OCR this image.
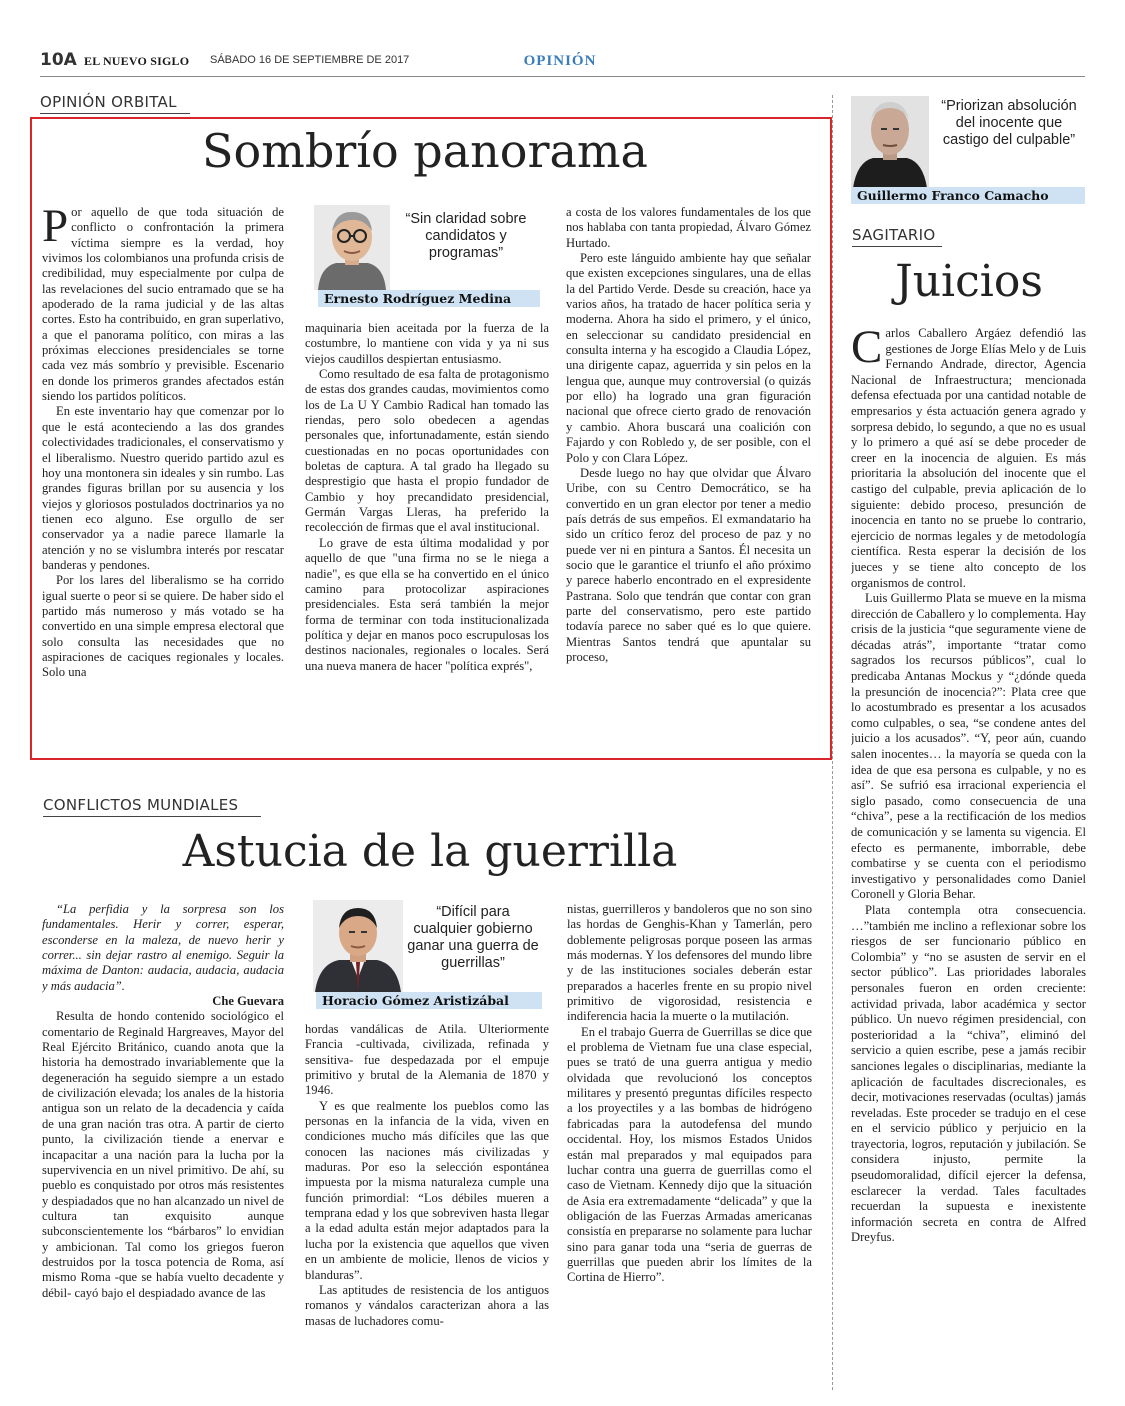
10A EL NUEVO SIGLO SÁBADO 16 DE SEPTIEMBRE DE 2017	OPINIÓN
OPINIÓN ORBITAL
Sombrío panorama

Por aquello de que toda situación de conflicto o confrontación la primera víctima siempre es la verdad, hoy vivimos los colombianos una profunda crisis de credibilidad, muy especialmente por culpa de las revelaciones del sucio entramado que se ha apoderado de la rama judicial y de las altas cortes. Esto ha contribuido, en gran superlativo, a que el panorama político, con miras a las próximas elecciones presidenciales se torne cada vez más sombrío y previsible. Escenario en donde los primeros grandes afectados están siendo los partidos políticos.

En este inventario hay que comenzar por lo que le está aconteciendo a las dos grandes colectividades tradicionales, el conservatismo y el liberalismo. Nuestro querido partido azul es hoy una montonera sin ideales y sin rumbo. Las grandes figuras brillan por su ausencia y los viejos y gloriosos postulados doctrinarios ya no tienen eco alguno. Ese orgullo de ser conservador ya a nadie parece llamarle la atención y no se vislumbra interés por rescatar banderas y pendones.

Por los lares del liberalismo se ha corrido igual suerte o peor si se quiere. De haber sido el partido más numeroso y más votado se ha convertido en una simple empresa electoral que solo consulta las necesidades que no aspiraciones de caciques regionales y locales. Solo una

“Sin claridad sobre candidatos y programas”
Ernesto Rodríguez Medina

maquinaria bien aceitada por la fuerza de la costumbre, lo mantiene con vida y ya ni sus viejos caudillos despiertan entusiasmo.

Como resultado de esa falta de protagonismo de estas dos grandes caudas, movimientos como los de La U Y Cambio Radical han tomado las riendas, pero solo obedecen a agendas personales que, infortunadamente, están siendo cuestionadas en no pocas oportunidades con boletas de captura. A tal grado ha llegado su desprestigio que hasta el propio fundador de Cambio y hoy precandidato presidencial, Germán Vargas Lleras, ha preferido la recolección de firmas que el aval institucional.

Lo grave de esta última modalidad y por aquello de que "una firma no se le niega a nadie", es que ella se ha convertido en el único camino para protocolizar aspiraciones presidenciales. Esta será también la mejor forma de terminar con toda institucionalizada política y dejar en manos poco escrupulosas los destinos nacionales, regionales o locales. Será una nueva manera de hacer "política exprés",

a costa de los valores fundamentales de los que nos hablaba con tanta propiedad, Álvaro Gómez Hurtado.

Pero este lánguido ambiente hay que señalar que existen excepciones singulares, una de ellas la del Partido Verde. Desde su creación, hace ya varios años, ha tratado de hacer política seria y moderna. Ahora ha sido el primero, y el único, en seleccionar su candidato presidencial en consulta interna y ha escogido a Claudia López, una dirigente capaz, aguerrida y sin pelos en la lengua que, aunque muy controversial (o quizás por ello) ha logrado una gran figuración nacional que ofrece cierto grado de renovación y cambio. Ahora buscará una coalición con Fajardo y con Robledo y, de ser posible, con el Polo y con Clara López.

Desde luego no hay que olvidar que Álvaro Uribe, con su Centro Democrático, se ha convertido en un gran elector por tener a medio país detrás de sus empeños. El exmandatario ha sido un crítico feroz del proceso de paz y no puede ver ni en pintura a Santos. Él necesita un socio que le garantice el triunfo el año próximo y parece haberlo encontrado en el expresidente Pastrana. Solo que tendrán que contar con gran parte del conservatismo, pero este partido todavía parece no saber qué es lo que quiere. Mientras Santos tendrá que apuntalar su proceso,

CONFLICTOS MUNDIALES
Astucia de la guerrilla

“La perfidia y la sorpresa son los fundamentales. Herir y correr, esperar, esconderse en la maleza, de nuevo herir y correr... sin dejar rastro al enemigo. Seguir la máxima de Danton: audacia, audacia, audacia y más audacia”.

Che Guevara

Resulta de hondo contenido sociológico el comentario de Reginald Hargreaves, Mayor del Real Ejército Británico, cuando anota que la historia ha demostrado invariablemente que la degeneración ha seguido siempre a un estado de civilización elevada; los anales de la historia antigua son un relato de la decadencia y caída de una gran nación tras otra. A partir de cierto punto, la civilización tiende a enervar e incapacitar a una nación para la lucha por la supervivencia en un nivel primitivo. De ahí, su pueblo es conquistado por otros más resistentes y despiadados que no han alcanzado un nivel de cultura tan exquisito aunque subconscientemente los “bárbaros” lo envidian y ambicionan. Tal como los griegos fueron destruidos por la tosca potencia de Roma, así mismo Roma -que se había vuelto decadente y débil- cayó bajo el despiadado avance de las

“Difícil para cualquier gobierno ganar una guerra de guerrillas”
Horacio Gómez Aristizábal

hordas vandálicas de Atila. Ulteriormente Francia -cultivada, civilizada, refinada y sensitiva- fue despedazada por el empuje primitivo y brutal de la Alemania de 1870 y 1946.

Y es que realmente los pueblos como las personas en la infancia de la vida, viven en condiciones mucho más difíciles que las que conocen las naciones más civilizadas y maduras. Por eso la selección espontánea impuesta por la misma naturaleza cumple una función primordial: “Los débiles mueren a temprana edad y los que sobreviven hasta llegar a la edad adulta están mejor adaptados para la lucha por la existencia que aquellos que viven en un ambiente de molicie, llenos de vicios y blanduras”.

Las aptitudes de resistencia de los antiguos romanos y vándalos caracterizan ahora a las masas de luchadores comu-

nistas, guerrilleros y bandoleros que no son sino las hordas de Genghis-Khan y Tamerlán, pero doblemente peligrosas porque poseen las armas más modernas. Y los defensores del mundo libre y de las instituciones sociales deberán estar preparados a hacerles frente en su propio nivel primitivo de vigorosidad, resistencia e indiferencia hacia la muerte o la mutilación.

En el trabajo Guerra de Guerrillas se dice que el problema de Vietnam fue una clase especial, pues se trató de una guerra antigua y medio olvidada que revolucionó los conceptos militares y presentó preguntas difíciles respecto a los proyectiles y a las bombas de hidrógeno fabricadas para la autodefensa del mundo occidental. Hoy, los mismos Estados Unidos están mal preparados y mal equipados para luchar contra una guerra de guerrillas como el caso de Vietnam. Kennedy dijo que la situación de Asia era extremadamente “delicada” y que la obligación de las Fuerzas Armadas americanas consistía en prepararse no solamente para luchar sino para ganar toda una “seria de guerras de guerrillas que pueden abrir los límites de la Cortina de Hierro”.

“Priorizan absolución del inocente que castigo del culpable”
Guillermo Franco Camacho
SAGITARIO
Juicios

Carlos Caballero Argáez defendió las gestiones de Jorge Elías Melo y de Luis Fernando Andrade, director, Agencia Nacional de Infraestructura; mencionada defensa efectuada por una cantidad notable de empresarios y ésta actuación genera agrado y sorpresa debido, lo segundo, a que no es usual y lo primero a qué así se debe proceder de creer en la inocencia de alguien. Es más prioritaria la absolución del inocente que el castigo del culpable, previa aplicación de lo siguiente: debido proceso, presunción de inocencia en tanto no se pruebe lo contrario, ejercicio de normas legales y de metodología científica. Resta esperar la decisión de los jueces y se tiene alto concepto de los organismos de control.

Luis Guillermo Plata se mueve en la misma dirección de Caballero y lo complementa. Hay crisis de la justicia “que seguramente viene de décadas atrás”, importante “tratar como sagrados los recursos públicos”, cual lo predicaba Antanas Mockus y “¿dónde queda la presunción de inocencia?”: Plata cree que lo acostumbrado es presentar a los acusados como culpables, o sea, “se condene antes del juicio a los acusados”. “Y, peor aún, cuando salen inocentes… la mayoría se queda con la idea de que esa persona es culpable, y no es así”. Se sufrió esa irracional experiencia el siglo pasado, como consecuencia de una “chiva”, pese a la rectificación de los medios de comunicación y se lamenta su vigencia. El efecto es permanente, imborrable, debe combatirse y se cuenta con el periodismo investigativo y personalidades como Daniel Coronell y Gloria Behar.

Plata contempla otra consecuencia. …”también me inclino a reflexionar sobre los riesgos de ser funcionario público en Colombia” y “no se asusten de servir en el sector público”. Las prioridades laborales personales fueron en orden creciente: actividad privada, labor académica y sector público. Un nuevo régimen presidencial, con posterioridad a la “chiva”, eliminó del servicio a quien escribe, pese a jamás recibir sanciones legales o disciplinarias, mediante la aplicación de facultades discrecionales, es decir, motivaciones reservadas (ocultas) jamás reveladas. Este proceder se tradujo en el cese en el servicio público y perjuicio en la trayectoria, logros, reputación y jubilación. Se considera injusto, permite la pseudomoralidad, difícil ejercer la defensa, esclarecer la verdad. Tales facultades recuerdan la supuesta e inexistente información secreta en contra de Alfred Dreyfus.
